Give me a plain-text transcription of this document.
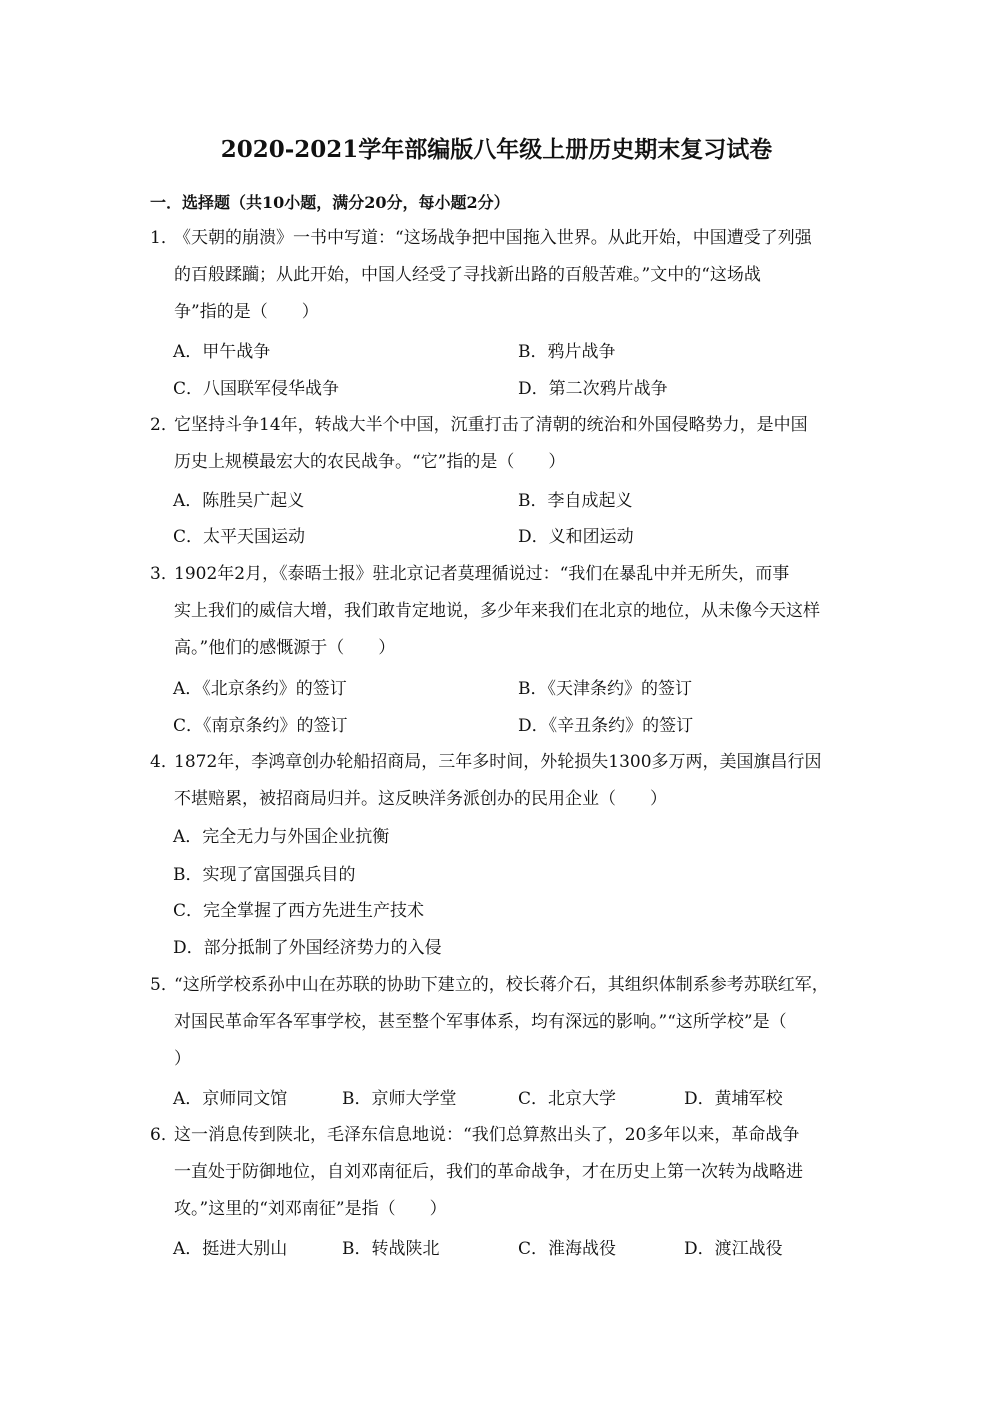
2020-2021学年部编版八年级上册历史期末复习试卷
一．选择题（共10小题，满分20分，每小题2分）
1．
《天朝的崩溃》一书中写道：“这场战争把中国拖入世界。从此开始，中国遭受了列强
的百般蹂躏；从此开始，中国人经受了寻找新出路的百般苦难。”文中的“这场战
争”指的是（　　）
A．甲午战争	B．鸦片战争
C．八国联军侵华战争	D．第二次鸦片战争
2．
它坚持斗争14年，转战大半个中国，沉重打击了清朝的统治和外国侵略势力，是中国
历史上规模最宏大的农民战争。“它”指的是（　　）
A．陈胜吴广起义	B．李自成起义
C．太平天国运动	D．义和团运动
3．
1902年2月，《泰晤士报》驻北京记者莫理循说过：“我们在暴乱中并无所失，而事
实上我们的威信大增，我们敢肯定地说，多少年来我们在北京的地位，从未像今天这样
高。”他们的感慨源于（　　）
A．《北京条约》的签订	B．《天津条约》的签订
C．《南京条约》的签订	D．《辛丑条约》的签订
4．
1872年，李鸿章创办轮船招商局，三年多时间，外轮损失1300多万两，美国旗昌行因
不堪赔累，被招商局归并。这反映洋务派创办的民用企业（　　）
A．完全无力与外国企业抗衡
B．实现了富国强兵目的
C．完全掌握了西方先进生产技术
D．部分抵制了外国经济势力的入侵
5．
“这所学校系孙中山在苏联的协助下建立的，校长蒋介石，其组织体制系参考苏联红军，
对国民革命军各军事学校，甚至整个军事体系，均有深远的影响。”“这所学校”是（
）
A．京师同文馆	B．京师大学堂	C．北京大学	D．黄埔军校
6．
这一消息传到陕北，毛泽东信息地说：“我们总算熬出头了，20多年以来，革命战争
一直处于防御地位，自刘邓南征后，我们的革命战争，才在历史上第一次转为战略进
攻。”这里的“刘邓南征”是指（　　）
A．挺进大别山	B．转战陕北	C．淮海战役	D．渡江战役
